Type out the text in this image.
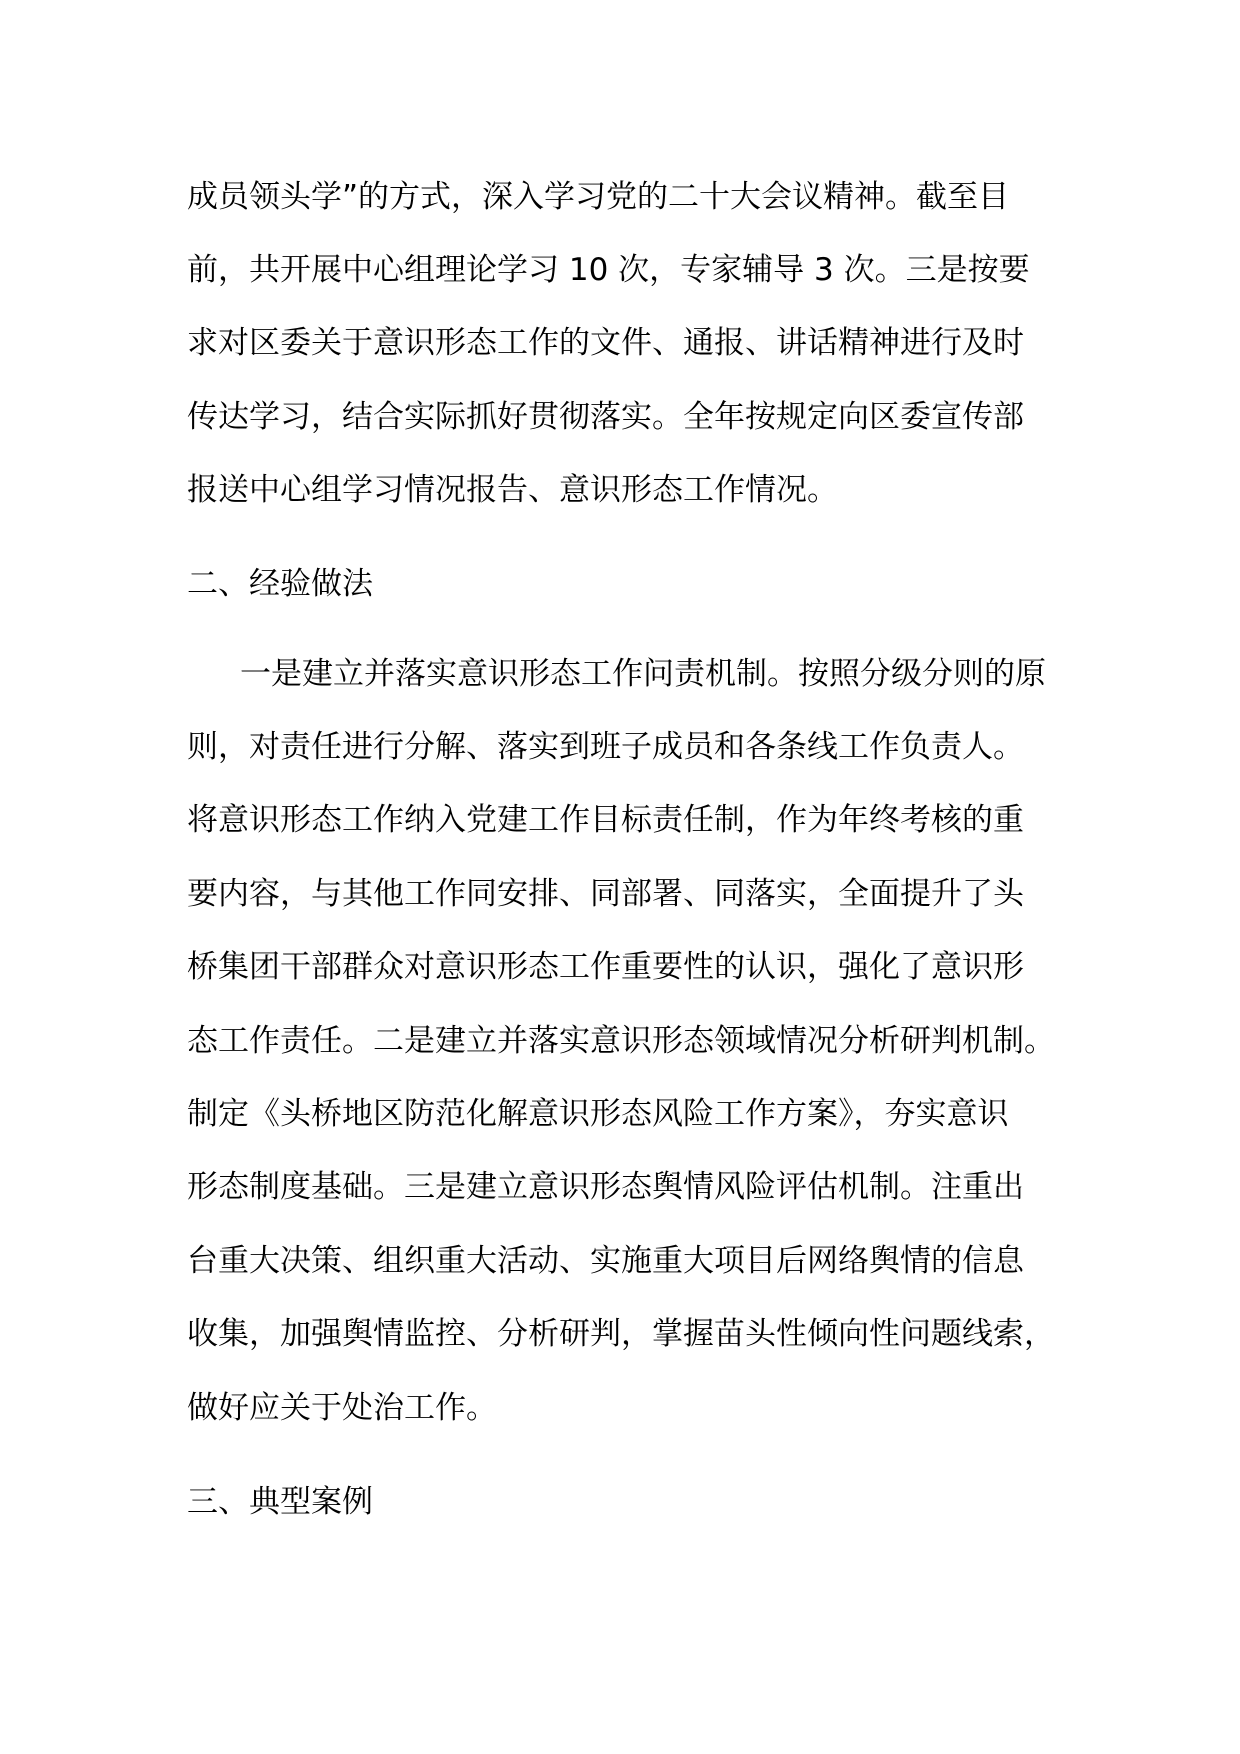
成员领头学”的方式，深入学习党的二十大会议精神。截至目
前，共开展中心组理论学习 10 次，专家辅导 3 次。三是按要
求对区委关于意识形态工作的文件、通报、讲话精神进行及时
传达学习，结合实际抓好贯彻落实。全年按规定向区委宣传部
报送中心组学习情况报告、意识形态工作情况。
二、经验做法
一是建立并落实意识形态工作问责机制。按照分级分则的原
则，对责任进行分解、落实到班子成员和各条线工作负责人。
将意识形态工作纳入党建工作目标责任制，作为年终考核的重
要内容，与其他工作同安排、同部署、同落实，全面提升了头
桥集团干部群众对意识形态工作重要性的认识，强化了意识形
态工作责任。二是建立并落实意识形态领域情况分析研判机制。
制定《头桥地区防范化解意识形态风险工作方案》，夯实意识
形态制度基础。三是建立意识形态舆情风险评估机制。注重出
台重大决策、组织重大活动、实施重大项目后网络舆情的信息
收集，加强舆情监控、分析研判，掌握苗头性倾向性问题线索，
做好应关于处治工作。
三、典型案例
